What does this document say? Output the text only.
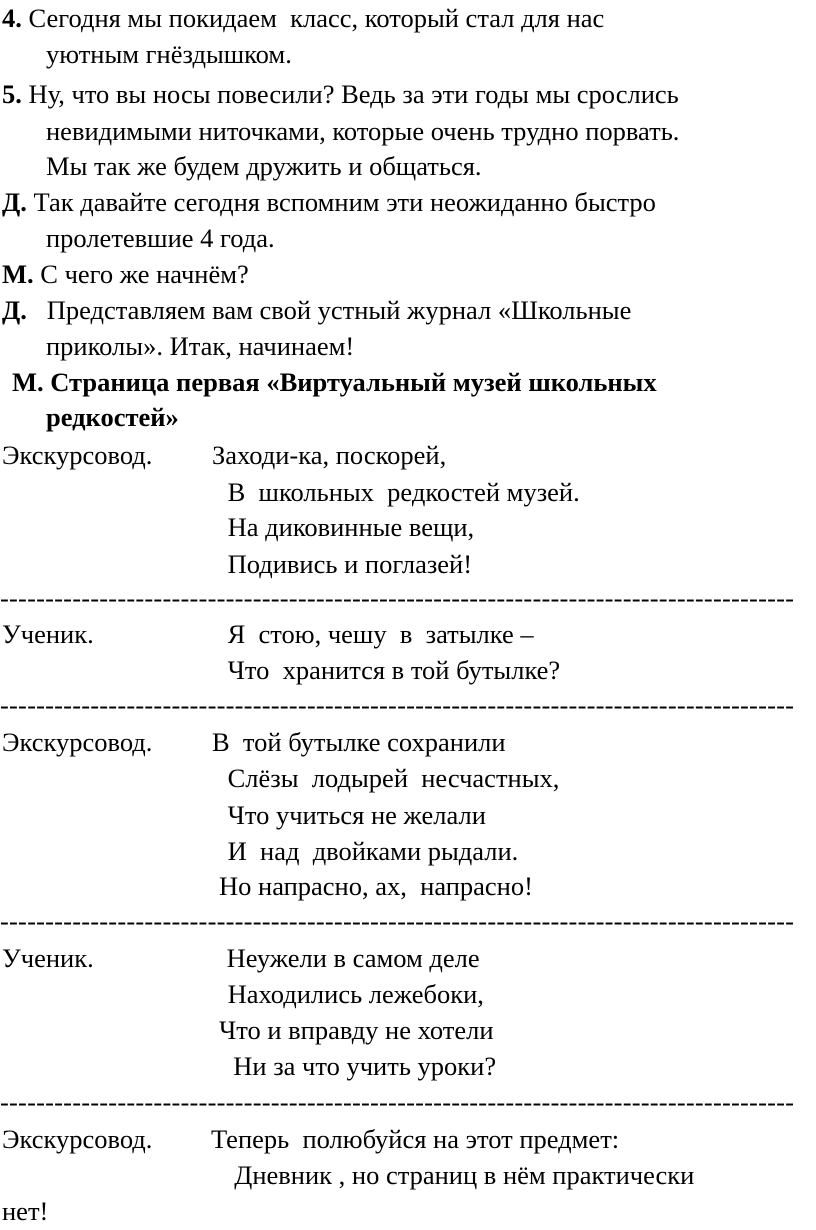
4. Сегодня мы покидаем  класс, который стал для нас
уютным гнёздышком.
5. Ну, что вы носы повесили? Ведь за эти годы мы срослись
невидимыми ниточками, которые очень трудно порвать.
Мы так же будем дружить и общаться.
Д. Так давайте сегодня вспомним эти неожиданно быстро
пролетевшие 4 года.
М. С чего же начнём?
Д.   Представляем вам свой устный журнал «Школьные
приколы». Итак, начинаем!
М. Страница первая «Виртуальный музей школьных
редкостей»
Экскурсовод. Заходи-ка, поскорей,
В  школьных  редкостей музей.
На диковинные вещи,
Подивись и поглазей!
----------------------------------------------------------------------------------------
Ученик.	Я  стою, чешу  в  затылке –
Что  хранится в той бутылке?
----------------------------------------------------------------------------------------
Экскурсовод. В  той бутылке сохранили
Слёзы  лодырей  несчастных,
Что учиться не желали
И  над  двойками рыдали.
Но напрасно, ах,  напрасно!
----------------------------------------------------------------------------------------
Ученик.	Неужели в самом деле
Находились лежебоки,
Что и вправду не хотели
Ни за что учить уроки?
----------------------------------------------------------------------------------------
Экскурсовод. Теперь  полюбуйся на этот предмет:
Дневник , но страниц в нём практически
нет!
